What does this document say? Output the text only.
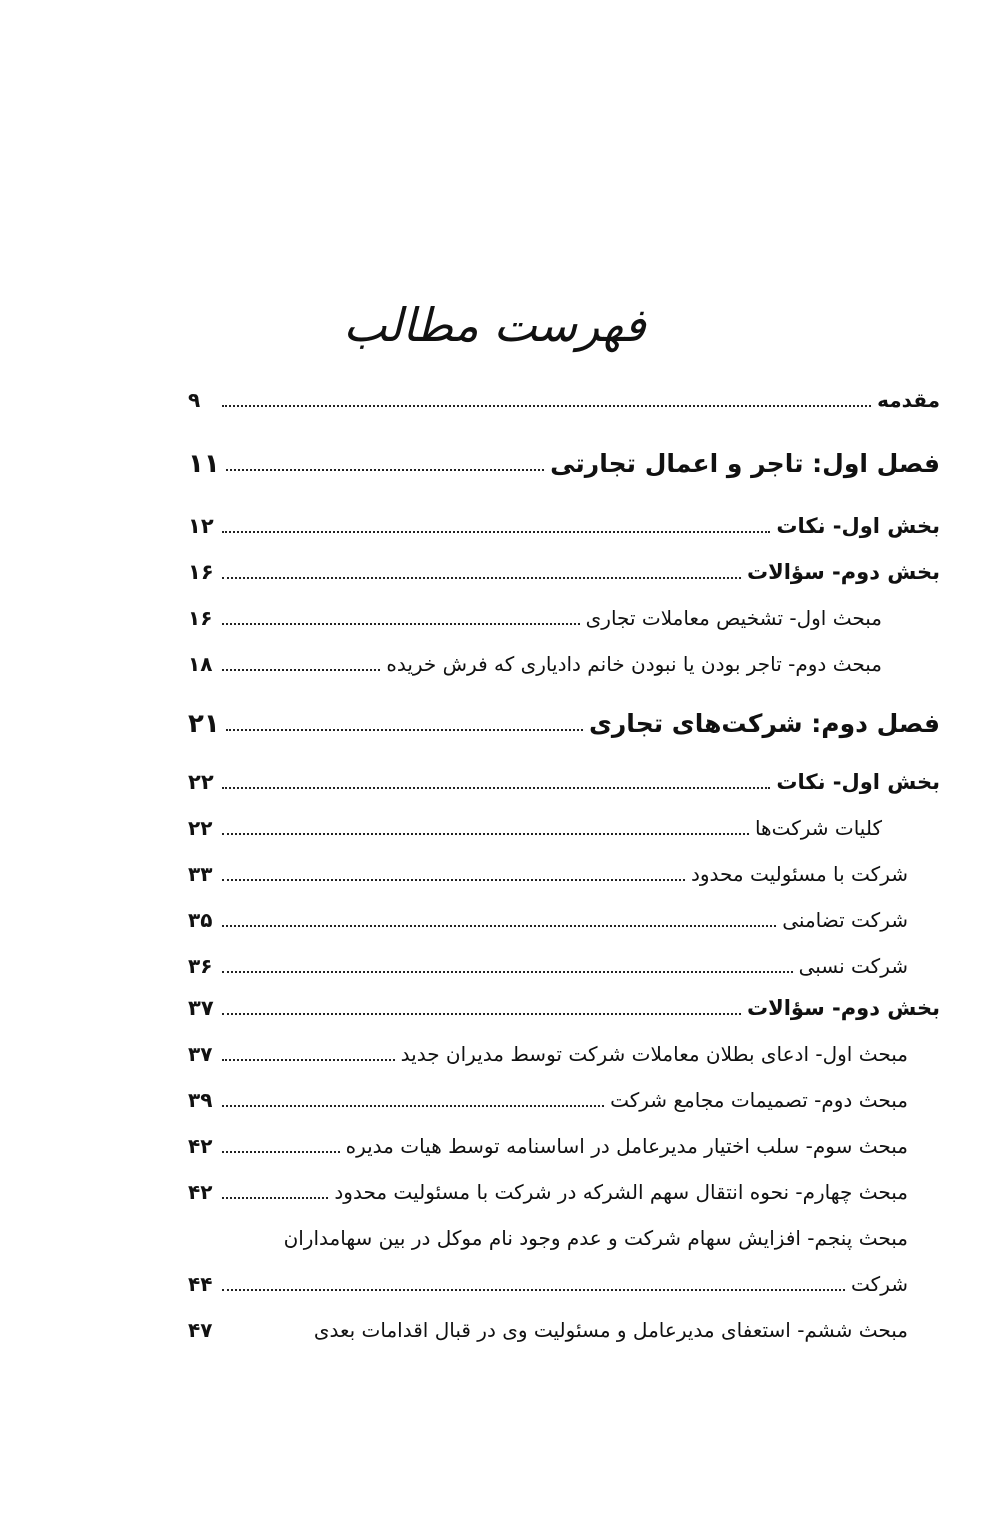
فهرست مطالب
مقدمه
۹
فصل اول: تاجر و اعمال تجارتی
۱۱
بخش اول- نکات
۱۲
بخش دوم- سؤالات
۱۶
مبحث اول- تشخیص معاملات تجاری
۱۶
مبحث دوم- تاجر بودن یا نبودن خانم دادیاری که فرش خریده
۱۸
فصل دوم: شرکت‌های تجاری
۲۱
بخش اول- نکات
۲۲
کلیات شرکت‌ها
۲۲
شرکت با مسئولیت محدود
۳۳
شرکت تضامنی
۳۵
شرکت نسبی
۳۶
بخش دوم- سؤالات
۳۷
مبحث اول- ادعای بطلان معاملات شرکت توسط مدیران جدید
۳۷
مبحث دوم- تصمیمات مجامع شرکت
۳۹
مبحث سوم- سلب اختیار مدیرعامل در اساسنامه توسط هیات مدیره
۴۲
مبحث چهارم- نحوه انتقال سهم الشرکه در شرکت با مسئولیت محدود
۴۲
مبحث پنجم- افزایش سهام شرکت و عدم وجود نام موکل در بین سهامداران
شرکت
۴۴
مبحث ششم- استعفای مدیرعامل و مسئولیت وی در قبال اقدامات بعدی
۴۷
